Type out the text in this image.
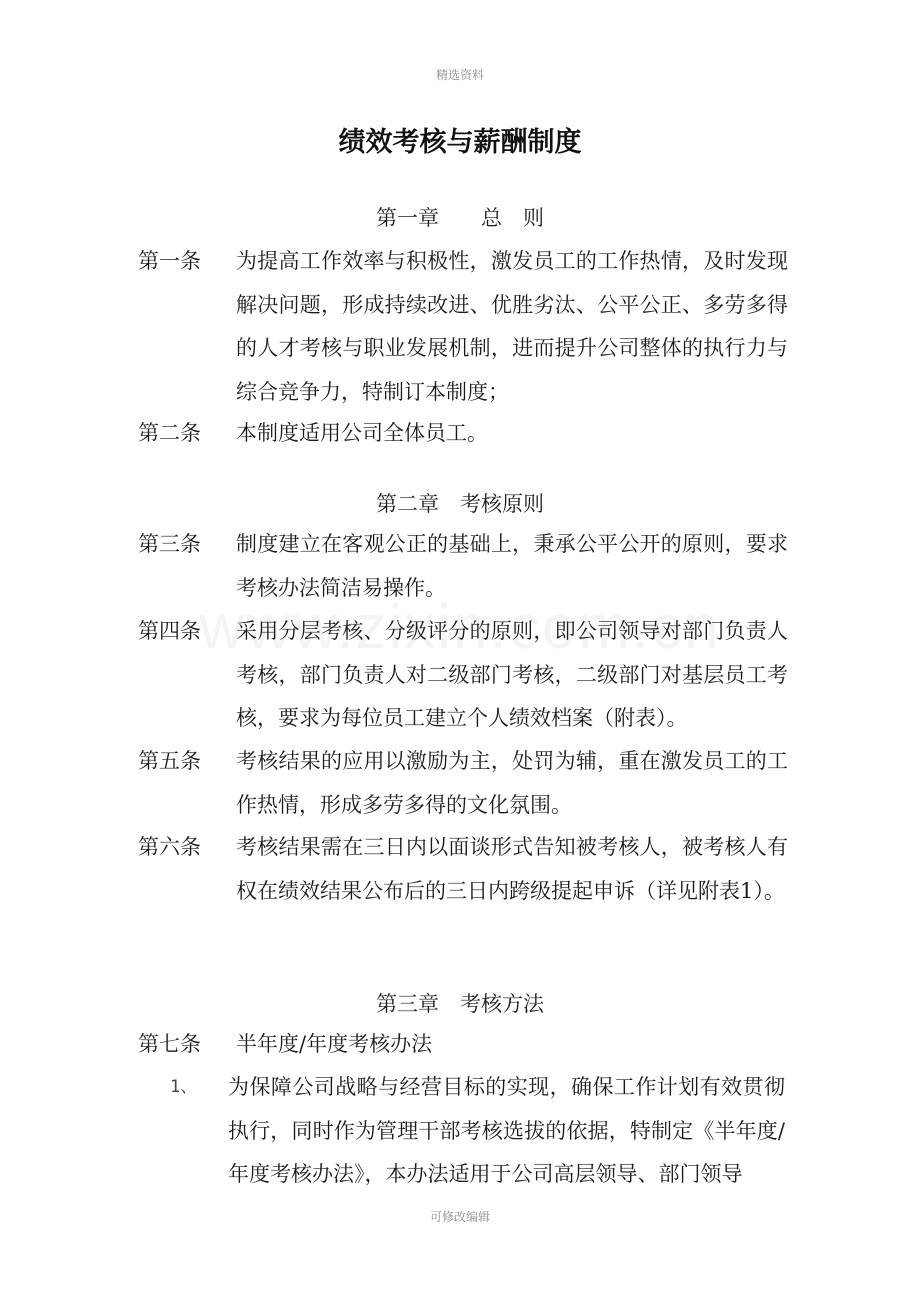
精选资料
绩效考核与薪酬制度
第一章　　总　则
第一条	为提高工作效率与积极性，激发员工的工作热情，及时发现解决问题，形成持续改进、优胜劣汰、公平公正、多劳多得的人才考核与职业发展机制，进而提升公司整体的执行力与综合竞争力，特制订本制度；
第二条	本制度适用公司全体员工。
第二章　考核原则
第三条	制度建立在客观公正的基础上，秉承公平公开的原则，要求考核办法简洁易操作。
第四条	采用分层考核、分级评分的原则，即公司领导对部门负责人考核，部门负责人对二级部门考核，二级部门对基层员工考核，要求为每位员工建立个人绩效档案（附表）。
第五条	考核结果的应用以激励为主，处罚为辅，重在激发员工的工作热情，形成多劳多得的文化氛围。
第六条	考核结果需在三日内以面谈形式告知被考核人，被考核人有权在绩效结果公布后的三日内跨级提起申诉（详见附表1）。
第三章　考核方法
第七条	半年度/年度考核办法
1、	为保障公司战略与经营目标的实现，确保工作计划有效贯彻执行，同时作为管理干部考核选拔的依据，特制定《半年度/年度考核办法》，本办法适用于公司高层领导、部门领导
可修改编辑
